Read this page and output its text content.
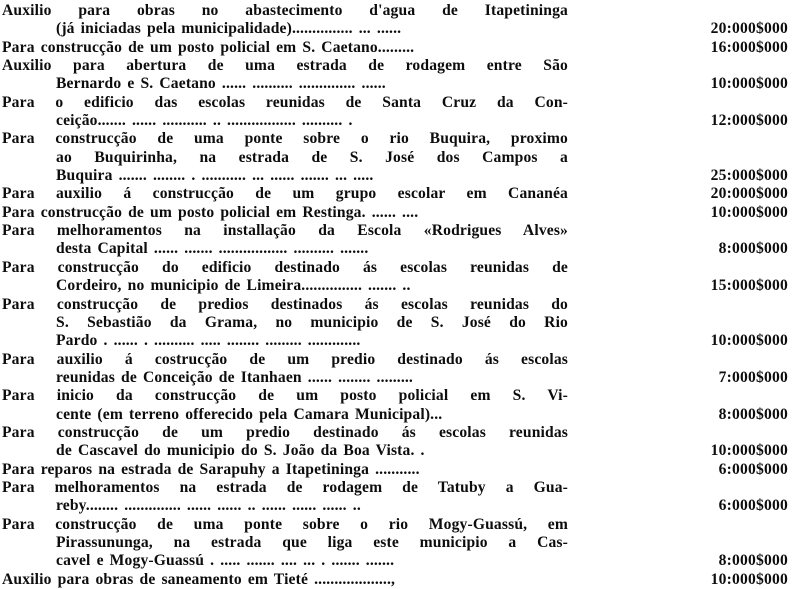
Auxilio para obras no abastecimento d'agua de Itapetininga
(já iniciadas pela municipalidade)............... ... ......	20:000$000
Para construcção de um posto policial em S. Caetano.........	16:000$000
Auxilio para abertura de uma estrada de rodagem entre São
Bernardo e S. Caetano ...... .......... .............. ......	10:000$000
Para o edificio das escolas reunidas de Santa Cruz da Con-
ceição....... ...... ........... .. ................. .......... .	12:000$000
Para construcção de uma ponte sobre o rio Buquira, proximo
ao Buquirinha, na estrada de S. José dos Campos a
Buquira ....... ........ . ........... ... ...... ....... ... .....	25:000$000
Para auxilio á construcção de um grupo escolar em Cananéa	20:000$000
Para construcção de um posto policial em Restinga. ...... ....	10:000$000
Para melhoramentos na installação da Escola «Rodrigues Alves»
desta Capital ...... ....... ................. .......... .......	8:000$000
Para construcção do edificio destinado ás escolas reunidas de
Cordeiro, no municipio de Limeira............... ....... ..	15:000$000
Para construcção de predios destinados ás escolas reunidas do
S. Sebastião da Grama, no municipio de S. José do Rio
Pardo . ...... . .......... ..... ........ ......... .............	10:000$000
Para auxilio á costrucção de um predio destinado ás escolas
reunidas de Conceição de Itanhaen ...... ........ .........	7:000$000
Para inicio da construcção de um posto policial em S. Vi-
cente (em terreno offerecido pela Camara Municipal)...	8:000$000
Para construcção de um predio destinado ás escolas reunidas
de Cascavel do municipio do S. João da Boa Vista. .	10:000$000
Para reparos na estrada de Sarapuhy a Itapetininga ...........	6:000$000
Para melhoramentos na estrada de rodagem de Tatuby a Gua-
reby........ .............. ...... ...... .. ...... ...... ...... ..	6:000$000
Para construcção de uma ponte sobre o rio Mogy-Guassú, em
Pirassununga, na estrada que liga este municipio a Cas-
cavel e Mogy-Guassú . ..... ....... .... ... . ....... .......	8:000$000
Auxilio para obras de saneamento em Tieté ...................,	10:000$000
